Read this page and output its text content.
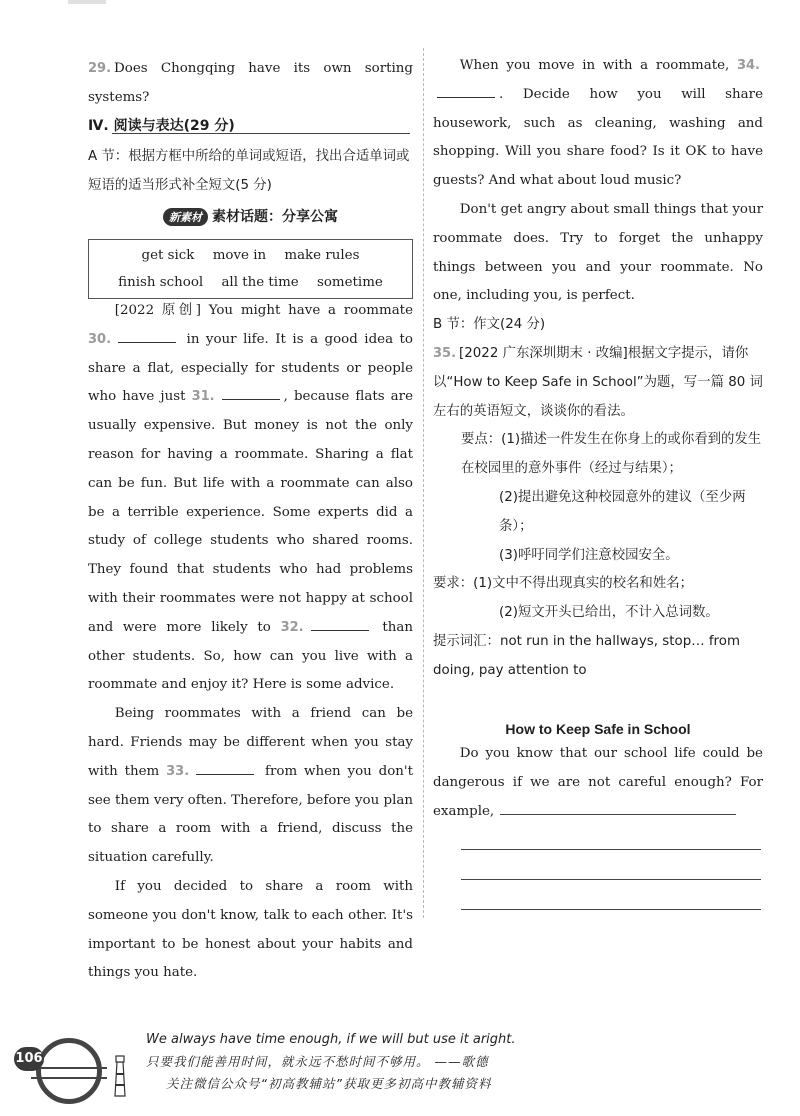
29. Does Chongqing have its own sorting systems?

Ⅳ. 阅读与表达(29 分)
A 节：根据方框中所给的单词或短语，找出合适单词或短语的适当形式补全短文(5 分)
新素材 素材话题：分享公寓
get sick move in make rules
finish school all the time sometime

[2022 原创] You might have a roommate 30.	in your life. It is a good idea to share a flat, especially for students or people who have just 31.	, because flats are usually expensive. But money is not the only reason for having a roommate. Sharing a flat can be fun. But life with a roommate can also be a terrible experience. Some experts did a study of college students who shared rooms. They found that students who had problems with their roommates were not happy at school and were more likely to 32.	than other students. So, how can you live with a roommate and enjoy it? Here is some advice.

Being roommates with a friend can be hard. Friends may be different when you stay with them 33.	from when you don't see them very often. Therefore, before you plan to share a room with a friend, discuss the situation carefully.

If you decided to share a room with someone you don't know, talk to each other. It's important to be honest about your habits and things you hate.

When you move in with a roommate, 34.. Decide how you will share housework, such as cleaning, washing and shopping. Will you share food? Is it OK to have guests? And what about loud music?

Don't get angry about small things that your roommate does. Try to forget the unhappy things between you and your roommate. No one, including you, is perfect.

B 节：作文(24 分)
35. [2022 广东深圳期末 · 改编]根据文字提示，请你以“How to Keep Safe in School”为题，写一篇 80 词左右的英语短文，谈谈你的看法。
要点：(1)描述一件发生在你身上的或你看到的发生在校园里的意外事件（经过与结果）；
(2)提出避免这种校园意外的建议（至少两条）；
(3)呼吁同学们注意校园安全。
要求：(1)文中不得出现真实的校名和姓名；
(2)短文开头已给出，不计入总词数。
提示词汇：not run in the hallways, stop… from doing, pay attention to
How to Keep Safe in School

Do you know that our school life could be dangerous if we are not careful enough? For example,

106
We always have time enough, if we will but use it aright.
只要我们能善用时间，就永远不愁时间不够用。 ——歌德
关注微信公众号“初高教辅站”获取更多初高中教辅资料
